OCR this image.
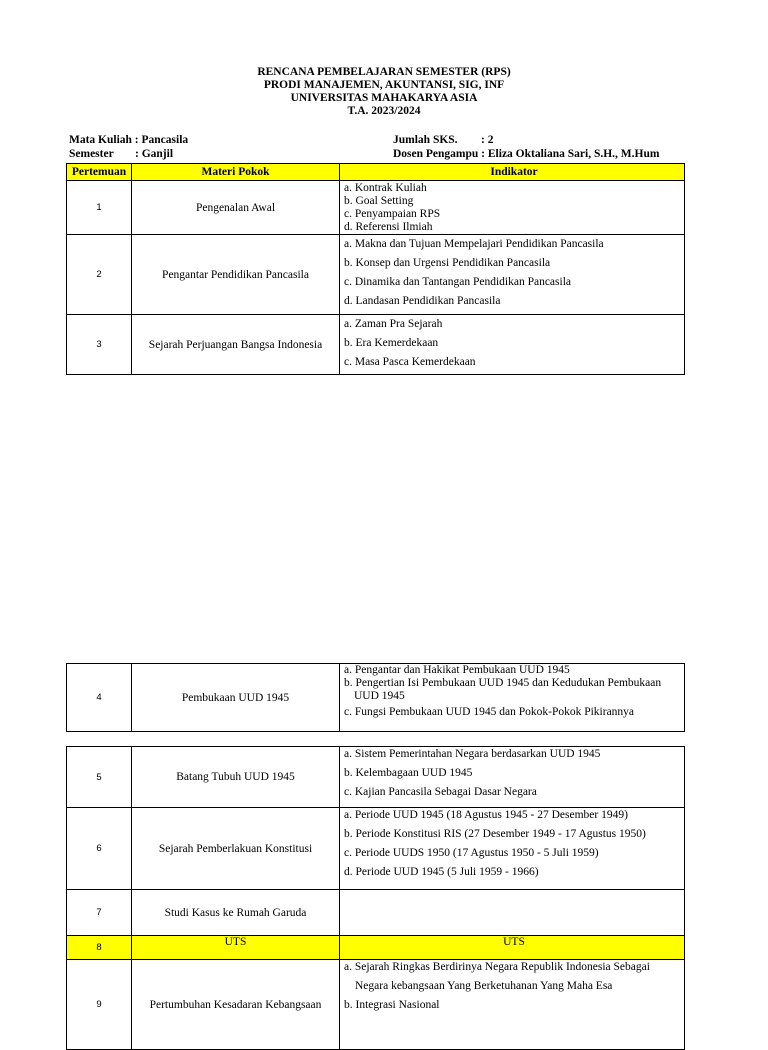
RENCANA PEMBELAJARAN SEMESTER (RPS)
PRODI MANAJEMEN, AKUNTANSI, SIG, INF
UNIVERSITAS MAHAKARYA ASIA
T.A. 2023/2024
Mata Kuliah : Pancasila
Semester : Ganjil
Jumlah SKS. : 2
Dosen Pengampu : Eliza Oktaliana Sari, S.H., M.Hum
Pertemuan	Materi Pokok	Indikator
1	Pengenalan Awal	a. Kontrak Kuliah
b. Goal Setting
c. Penyampaian RPS
d. Referensi Ilmiah

2	Pengantar Pendidikan Pancasila	a. Makna dan Tujuan Mempelajari Pendidikan Pancasila
b. Konsep dan Urgensi Pendidikan Pancasila
c. Dinamika dan Tantangan Pendidikan Pancasila
d. Landasan Pendidikan Pancasila

3	Sejarah Perjuangan Bangsa Indonesia	a. Zaman Pra Sejarah
b. Era Kemerdekaan
c. Masa Pasca Kemerdekaan
4	Pembukaan UUD 1945	
a. Pengantar dan Hakikat Pembukaan UUD 1945
b. Pengertian Isi Pembukaan UUD 1945 dan Kedudukan Pembukaan UUD 1945
c. Fungsi Pembukaan UUD 1945 dan Pokok-Pokok Pikirannya
5	Batang Tubuh UUD 1945	a. Sistem Pemerintahan Negara berdasarkan UUD 1945
b. Kelembagaan UUD 1945
c. Kajian Pancasila Sebagai Dasar Negara

6	Sejarah Pemberlakuan Konstitusi	a. Periode UUD 1945 (18 Agustus 1945 - 27 Desember 1949)
b. Periode Konstitusi RIS (27 Desember 1949 - 17 Agustus 1950)
c. Periode UUDS 1950 (17 Agustus 1950 - 5 Juli 1959)
d. Periode UUD 1945 (5 Juli 1959 - 1966)

7	Studi Kasus ke Rumah Garuda	
8	UTS	UTS
9	Pertumbuhan Kesadaran Kebangsaan	a. Sejarah Ringkas Berdirinya Negara Republik Indonesia Sebagai
Negara kebangsaan Yang Berketuhanan Yang Maha Esa
b. Integrasi Nasional
